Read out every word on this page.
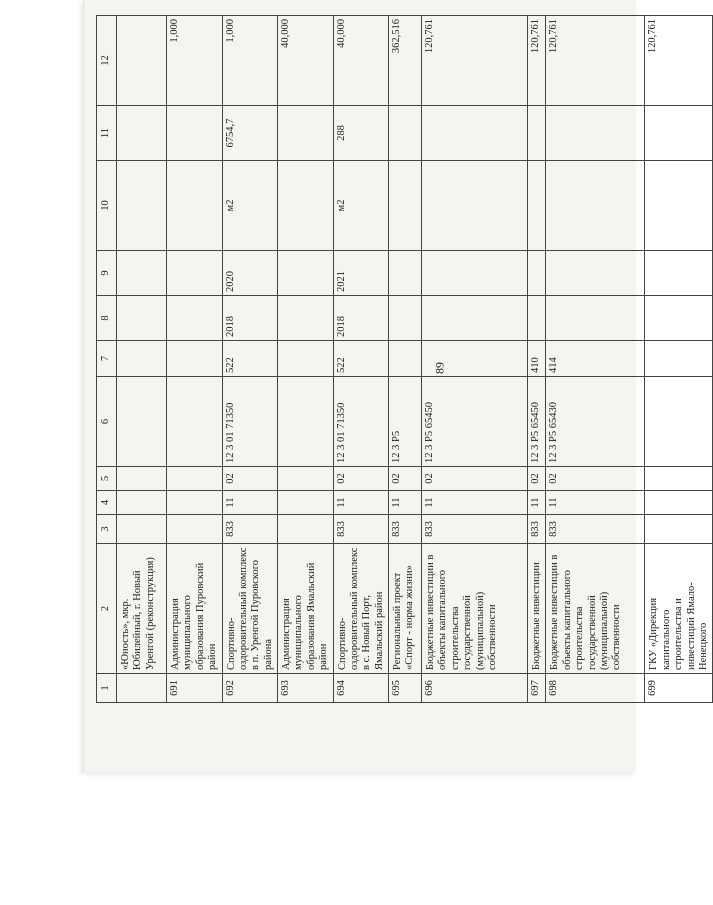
89
1	2	3	4	5	6	7	8	9	10	11	12
	«Юность», мкр. Юбилейный, г. Новый Уренгой (реконструкция)										
691	Администрация муниципального образования Пуровский район										1,000
692	Спортивно-оздоровительный комплекс в п. Уренгой Пуровского района	833	11	02	12 3 01 71350	522	2018	2020	м2	6754,7	1,000
693	Администрация муниципального образования Ямальский район										40,000
694	Спортивно-оздоровительный комплекс в с. Новый Порт, Ямальский район	833	11	02	12 3 01 71350	522	2018	2021	м2	288	40,000
695	Региональный проект «Спорт - норма жизни»	833	11	02	12 3 P5						362,516
696	Бюджетные инвестиции в объекты капитального строительства государственной (муниципальной) собственности	833	11	02	12 3 P5 65450						120,761
697	Бюджетные инвестиции	833	11	02	12 3 P5 65450	410					120,761
698	Бюджетные инвестиции в объекты капитального строительства государственной (муниципальной) собственности	833	11	02	12 3 P5 65430	414					120,761
699	ГКУ «Дирекция капитального строительства и инвестиций Ямало-Ненецкого										120,761
